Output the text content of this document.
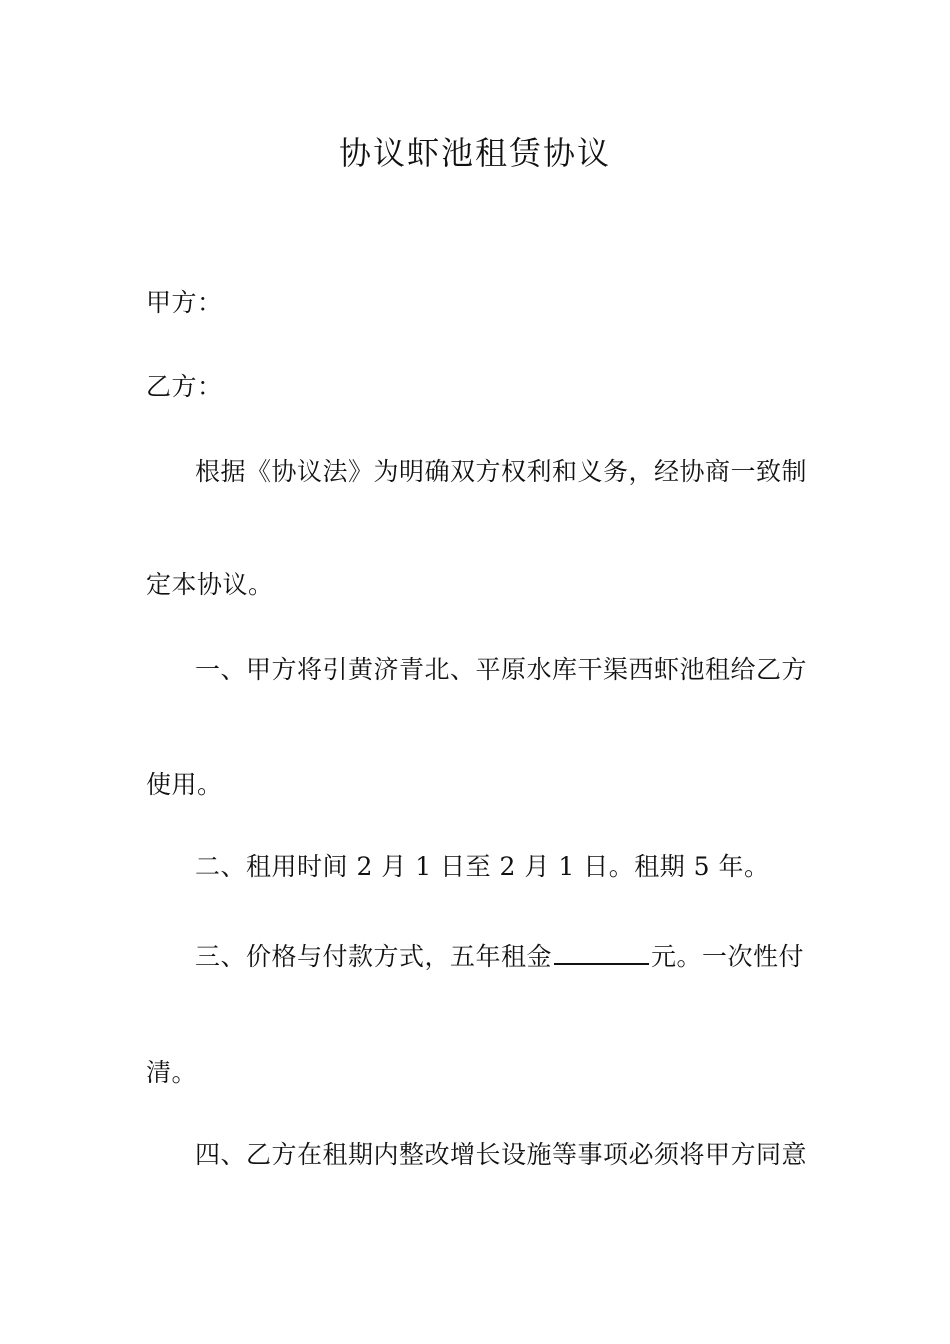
协议虾池租赁协议
甲方：
乙方：
根据《协议法》为明确双方权利和义务，经协商一致制
定本协议。
一、甲方将引黄济青北、平原水库干渠西虾池租给乙方
使用。
二、租用时间 2 月 1 日至 2 月 1 日。租期 5 年。
三、价格与付款方式，五年租金	元。一次性付
清。
四、乙方在租期内整改增长设施等事项必须将甲方同意
